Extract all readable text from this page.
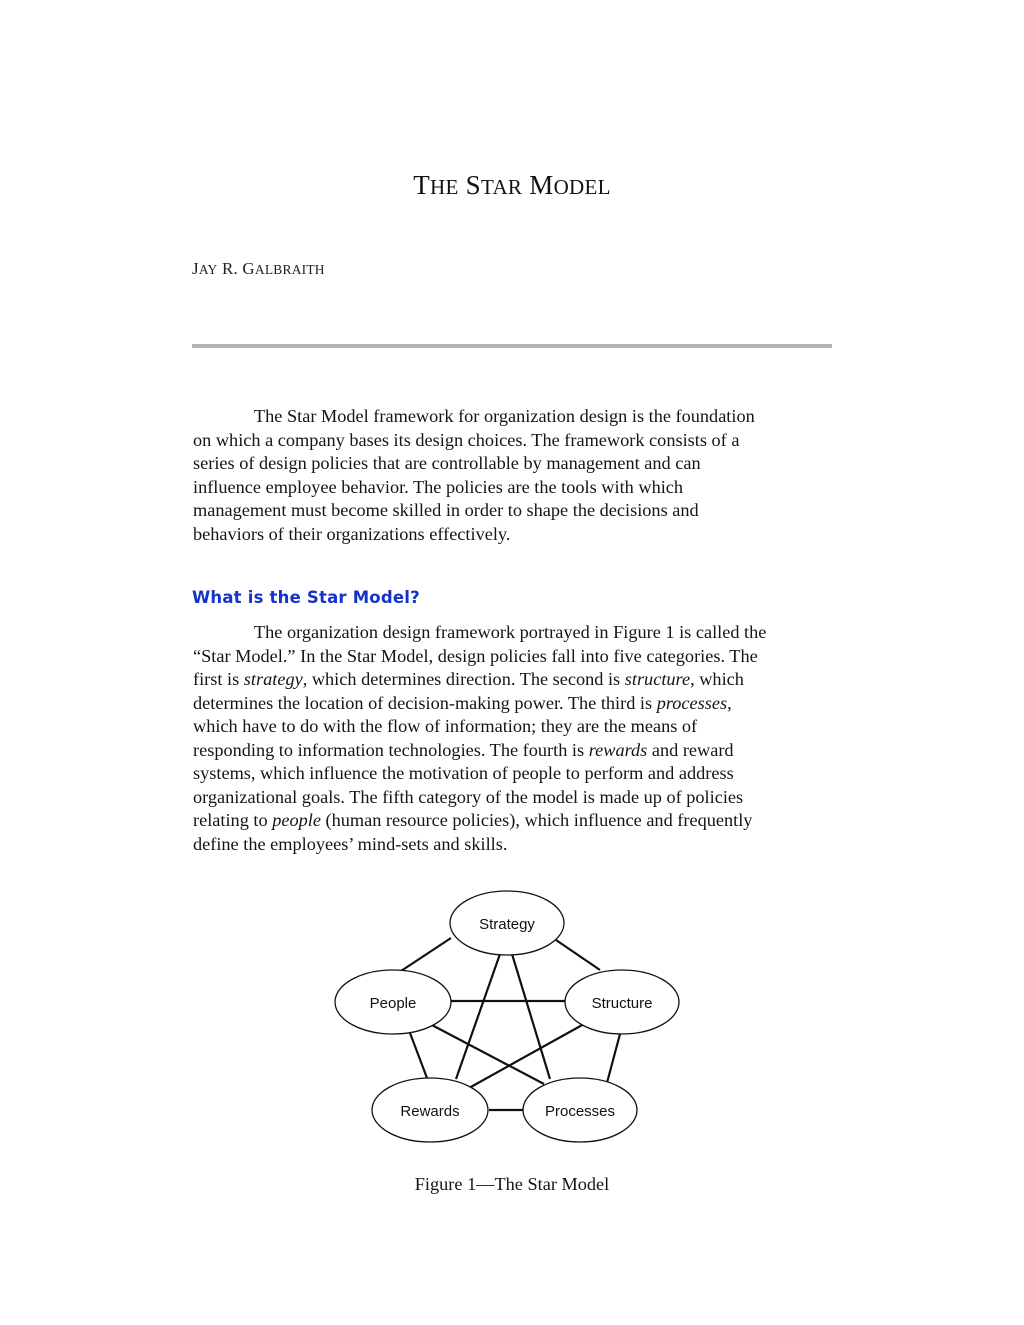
THE STAR MODEL
JAY R. GALBRAITH

The Star Model framework for organization design is the foundation
on which a company bases its design choices. The framework consists of a
series of design policies that are controllable by management and can
influence employee behavior. The policies are the tools with which
management must become skilled in order to shape the decisions and
behaviors of their organizations effectively.

What is the Star Model?

The organization design framework portrayed in Figure 1 is called the
“Star Model.” In the Star Model, design policies fall into five categories. The
first is strategy, which determines direction. The second is structure, which
determines the location of decision-making power. The third is processes,
which have to do with the flow of information; they are the means of
responding to information technologies. The fourth is rewards and reward
systems, which influence the motivation of people to perform and address
organizational goals. The fifth category of the model is made up of policies
relating to people (human resource policies), which influence and frequently
define the employees’ mind-sets and skills.

Strategy
People	Structure
Rewards	Processes
Figure 1—The Star Model
